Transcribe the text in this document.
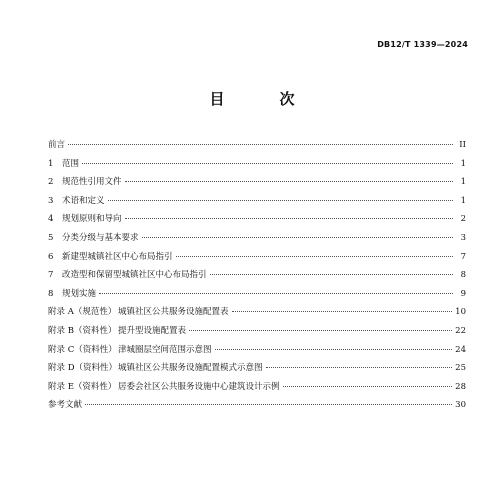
DB12/T 1339—2024
目　次
前言	II
1	范围	1
2	规范性引用文件	1
3	术语和定义	1
4	规划原则和导向	2
5	分类分级与基本要求	3
6	新建型城镇社区中心布局指引	7
7	改造型和保留型城镇社区中心布局指引	8
8	规划实施	9
附录 A（规范性） 城镇社区公共服务设施配置表	10
附录 B（资料性） 提升型设施配置表	22
附录 C（资料性） 津城圈层空间范围示意图	24
附录 D（资料性） 城镇社区公共服务设施配置模式示意图	25
附录 E（资料性） 居委会社区公共服务设施中心建筑设计示例	28
参考文献	30
